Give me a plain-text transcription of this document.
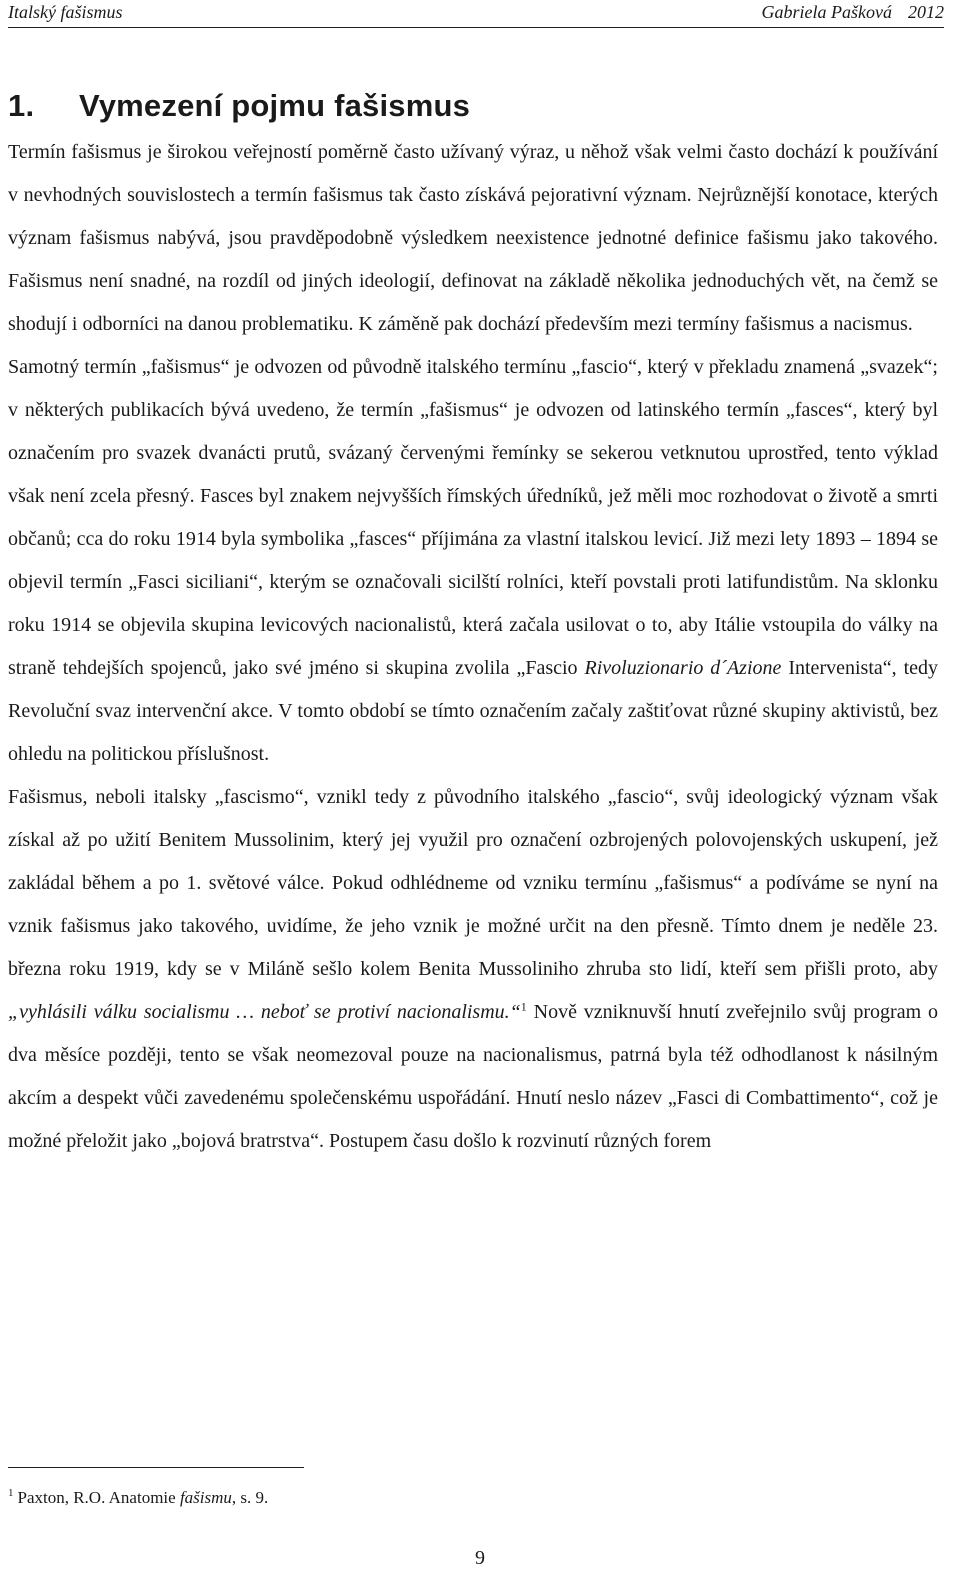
Italský fašismus	Gabriela Pašková 2012
1. Vymezení pojmu fašismus

Termín fašismus je širokou veřejností poměrně často užívaný výraz, u něhož však velmi často dochází k používání v nevhodných souvislostech a termín fašismus tak často získává pejorativní význam. Nejrůznější konotace, kterých význam fašismus nabývá, jsou pravděpodobně výsledkem neexistence jednotné definice fašismu jako takového. Fašismus není snadné, na rozdíl od jiných ideologií, definovat na základě několika jednoduchých vět, na čemž se shodují i odborníci na danou problematiku. K záměně pak dochází především mezi termíny fašismus a nacismus.

Samotný termín „fašismus“ je odvozen od původně italského termínu „fascio“, který v překladu znamená „svazek“; v některých publikacích bývá uvedeno, že termín „fašismus“ je odvozen od latinského termín „fasces“, který byl označením pro svazek dvanácti prutů, svázaný červenými řemínky se sekerou vetknutou uprostřed, tento výklad však není zcela přesný. Fasces byl znakem nejvyšších římských úředníků, jež měli moc rozhodovat o životě a smrti občanů; cca do roku 1914 byla symbolika „fasces“ příjimána za vlastní italskou levicí. Již mezi lety 1893 – 1894 se objevil termín „Fasci siciliani“, kterým se označovali sicilští rolníci, kteří povstali proti latifundistům. Na sklonku roku 1914 se objevila skupina levicových nacionalistů, která začala usilovat o to, aby Itálie vstoupila do války na straně tehdejších spojenců, jako své jméno si skupina zvolila „Fascio Rivoluzionario d´Azione Intervenista“, tedy Revoluční svaz intervenční akce. V tomto období se tímto označením začaly zaštiťovat různé skupiny aktivistů, bez ohledu na politickou příslušnost.

Fašismus, neboli italsky „fascismo“, vznikl tedy z původního italského „fascio“, svůj ideologický význam však získal až po užití Benitem Mussolinim, který jej využil pro označení ozbrojených polovojenských uskupení, jež zakládal během a po 1. světové válce. Pokud odhlédneme od vzniku termínu „fašismus“ a podíváme se nyní na vznik fašismus jako takového, uvidíme, že jeho vznik je možné určit na den přesně. Tímto dnem je neděle 23. března roku 1919, kdy se v Miláně sešlo kolem Benita Mussoliniho zhruba sto lidí, kteří sem přišli proto, aby „vyhlásili válku socialismu … neboť se protiví nacionalismu.“$^1$ Nově vzniknuvší hnutí zveřejnilo svůj program o dva měsíce později, tento se však neomezoval pouze na nacionalismus, patrná byla též odhodlanost k násilným akcím a despekt vůči zavedenému společenskému uspořádání. Hnutí neslo název „Fasci di Combattimento“, což je možné přeložit jako „bojová bratrstva“. Postupem času došlo k rozvinutí různých forem

$^1$ Paxton, R.O. Anatomie fašismu, s. 9.
9
